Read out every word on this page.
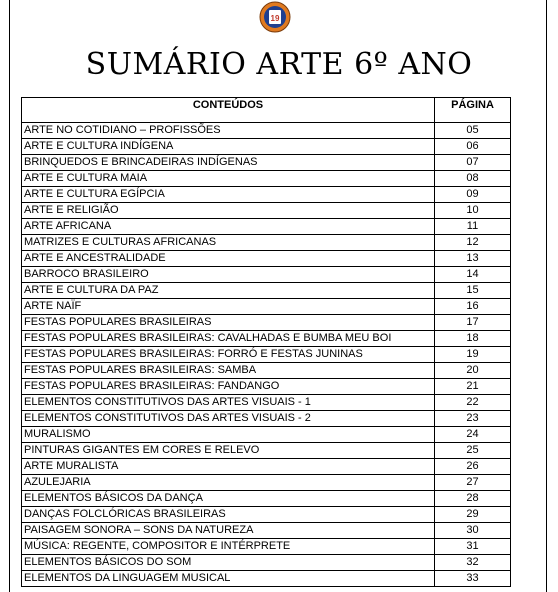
19
SUMÁRIO ARTE 6º ANO
CONTEÚDOS	PÁGINA
ARTE NO COTIDIANO – PROFISSÕES	05
ARTE E CULTURA INDÍGENA	06
BRINQUEDOS E BRINCADEIRAS INDÍGENAS	07
ARTE E CULTURA MAIA	08
ARTE E CULTURA EGÍPCIA	09
ARTE E RELIGIÃO	10
ARTE AFRICANA	11
MATRIZES E CULTURAS AFRICANAS	12
ARTE E ANCESTRALIDADE	13
BARROCO BRASILEIRO	14
ARTE E CULTURA DA PAZ	15
ARTE NAÏF	16
FESTAS POPULARES BRASILEIRAS	17
FESTAS POPULARES BRASILEIRAS: CAVALHADAS E BUMBA MEU BOI	18
FESTAS POPULARES BRASILEIRAS: FORRÓ E FESTAS JUNINAS	19
FESTAS POPULARES BRASILEIRAS: SAMBA	20
FESTAS POPULARES BRASILEIRAS: FANDANGO	21
ELEMENTOS CONSTITUTIVOS DAS ARTES VISUAIS - 1	22
ELEMENTOS CONSTITUTIVOS DAS ARTES VISUAIS - 2	23
MURALISMO	24
PINTURAS GIGANTES EM CORES E RELEVO	25
ARTE MURALISTA	26
AZULEJARIA	27
ELEMENTOS BÁSICOS DA DANÇA	28
DANÇAS FOLCLÓRICAS BRASILEIRAS	29
PAISAGEM SONORA – SONS DA NATUREZA	30
MÚSICA: REGENTE, COMPOSITOR E INTÉRPRETE	31
ELEMENTOS BÁSICOS DO SOM	32
ELEMENTOS DA LINGUAGEM MUSICAL	33
